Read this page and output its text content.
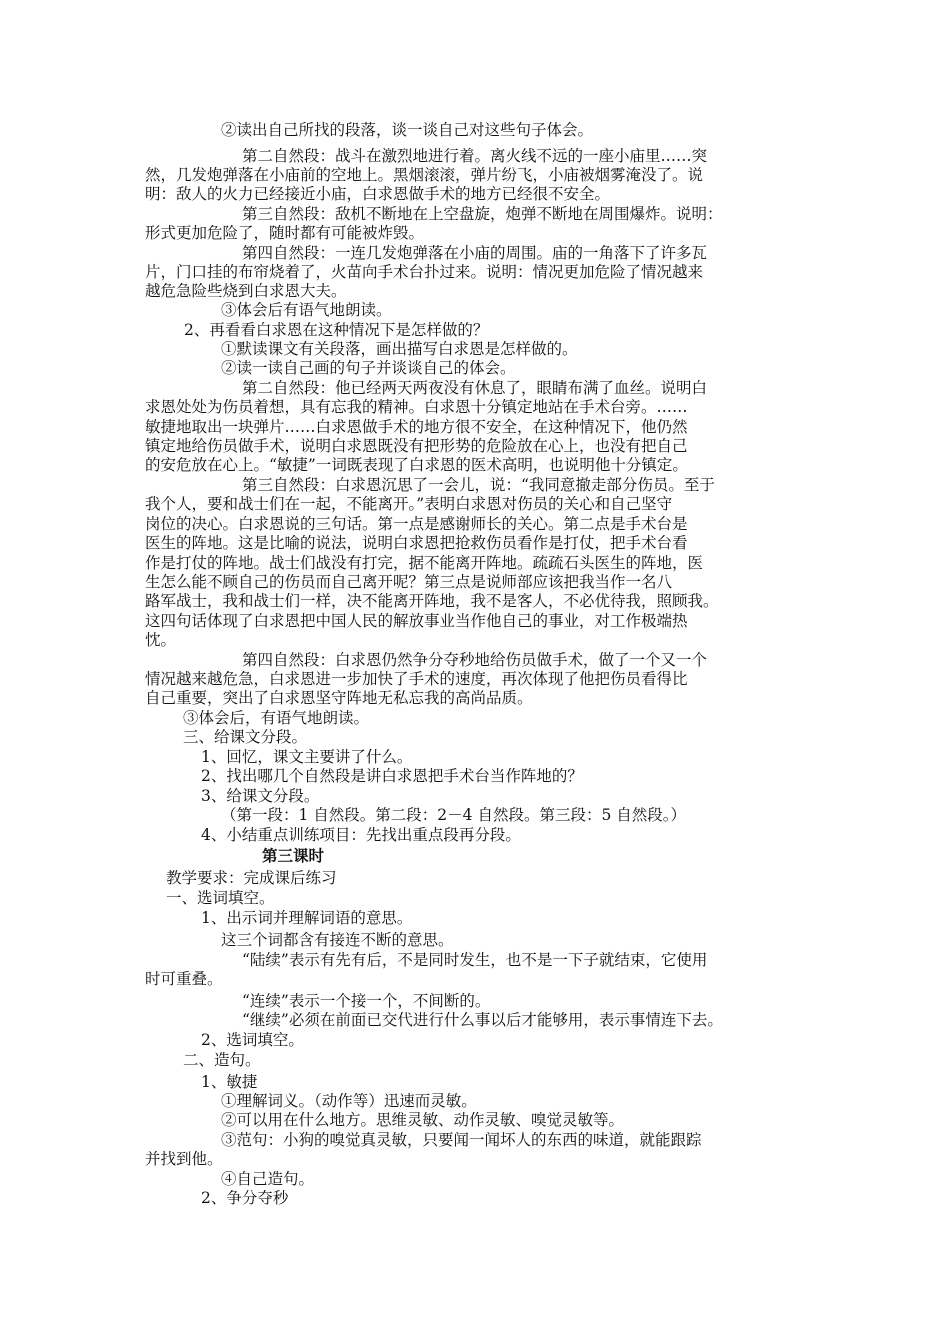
②读出自己所找的段落，谈一谈自己对这些句子体会。
第二自然段：战斗在激烈地进行着。离火线不远的一座小庙里……突
然，几发炮弹落在小庙前的空地上。黑烟滚滚，弹片纷飞，小庙被烟雾淹没了。说
明：敌人的火力已经接近小庙，白求恩做手术的地方已经很不安全。
第三自然段：敌机不断地在上空盘旋，炮弹不断地在周围爆炸。说明：
形式更加危险了，随时都有可能被炸毁。
第四自然段：一连几发炮弹落在小庙的周围。庙的一角落下了许多瓦
片，门口挂的布帘烧着了，火苗向手术台扑过来。说明：情况更加危险了情况越来
越危急险些烧到白求恩大夫。
③体会后有语气地朗读。
2、再看看白求恩在这种情况下是怎样做的？
①默读课文有关段落，画出描写白求恩是怎样做的。
②读一读自己画的句子并谈谈自己的体会。
第二自然段：他已经两天两夜没有休息了，眼睛布满了血丝。说明白
求恩处处为伤员着想，具有忘我的精神。白求恩十分镇定地站在手术台旁。……
敏捷地取出一块弹片……白求恩做手术的地方很不安全，在这种情况下，他仍然
镇定地给伤员做手术，说明白求恩既没有把形势的危险放在心上，也没有把自己
的安危放在心上。“敏捷”一词既表现了白求恩的医术高明，也说明他十分镇定。
第三自然段：白求恩沉思了一会儿，说：“我同意撤走部分伤员。至于
我个人，要和战士们在一起，不能离开。”表明白求恩对伤员的关心和自己坚守
岗位的决心。白求恩说的三句话。第一点是感谢师长的关心。第二点是手术台是
医生的阵地。这是比喻的说法，说明白求恩把抢救伤员看作是打仗，把手术台看
作是打仗的阵地。战士们战没有打完，据不能离开阵地。疏疏石头医生的阵地，医
生怎么能不顾自己的伤员而自己离开呢？第三点是说师部应该把我当作一名八
路军战士，我和战士们一样，决不能离开阵地，我不是客人，不必优待我，照顾我。
这四句话体现了白求恩把中国人民的解放事业当作他自己的事业，对工作极端热
忱。
第四自然段：白求恩仍然争分夺秒地给伤员做手术，做了一个又一个
情况越来越危急，白求恩进一步加快了手术的速度，再次体现了他把伤员看得比
自己重要，突出了白求恩坚守阵地无私忘我的高尚品质。
③体会后，有语气地朗读。
三、给课文分段。
1、回忆，课文主要讲了什么。
2、找出哪几个自然段是讲白求恩把手术台当作阵地的？
3、给课文分段。
（第一段：1 自然段。第二段：2－4 自然段。第三段：5 自然段。）
4、小结重点训练项目：先找出重点段再分段。
第三课时
教学要求：完成课后练习
一、选词填空。
1、出示词并理解词语的意思。
这三个词都含有接连不断的意思。
“陆续”表示有先有后，不是同时发生，也不是一下子就结束，它使用
时可重叠。
“连续”表示一个接一个，不间断的。
“继续”必须在前面已交代进行什么事以后才能够用，表示事情连下去。
2、选词填空。
二、造句。
1、敏捷
①理解词义。（动作等）迅速而灵敏。
②可以用在什么地方。思维灵敏、动作灵敏、嗅觉灵敏等。
③范句：小狗的嗅觉真灵敏，只要闻一闻坏人的东西的味道，就能跟踪
并找到他。
④自己造句。
2、争分夺秒
